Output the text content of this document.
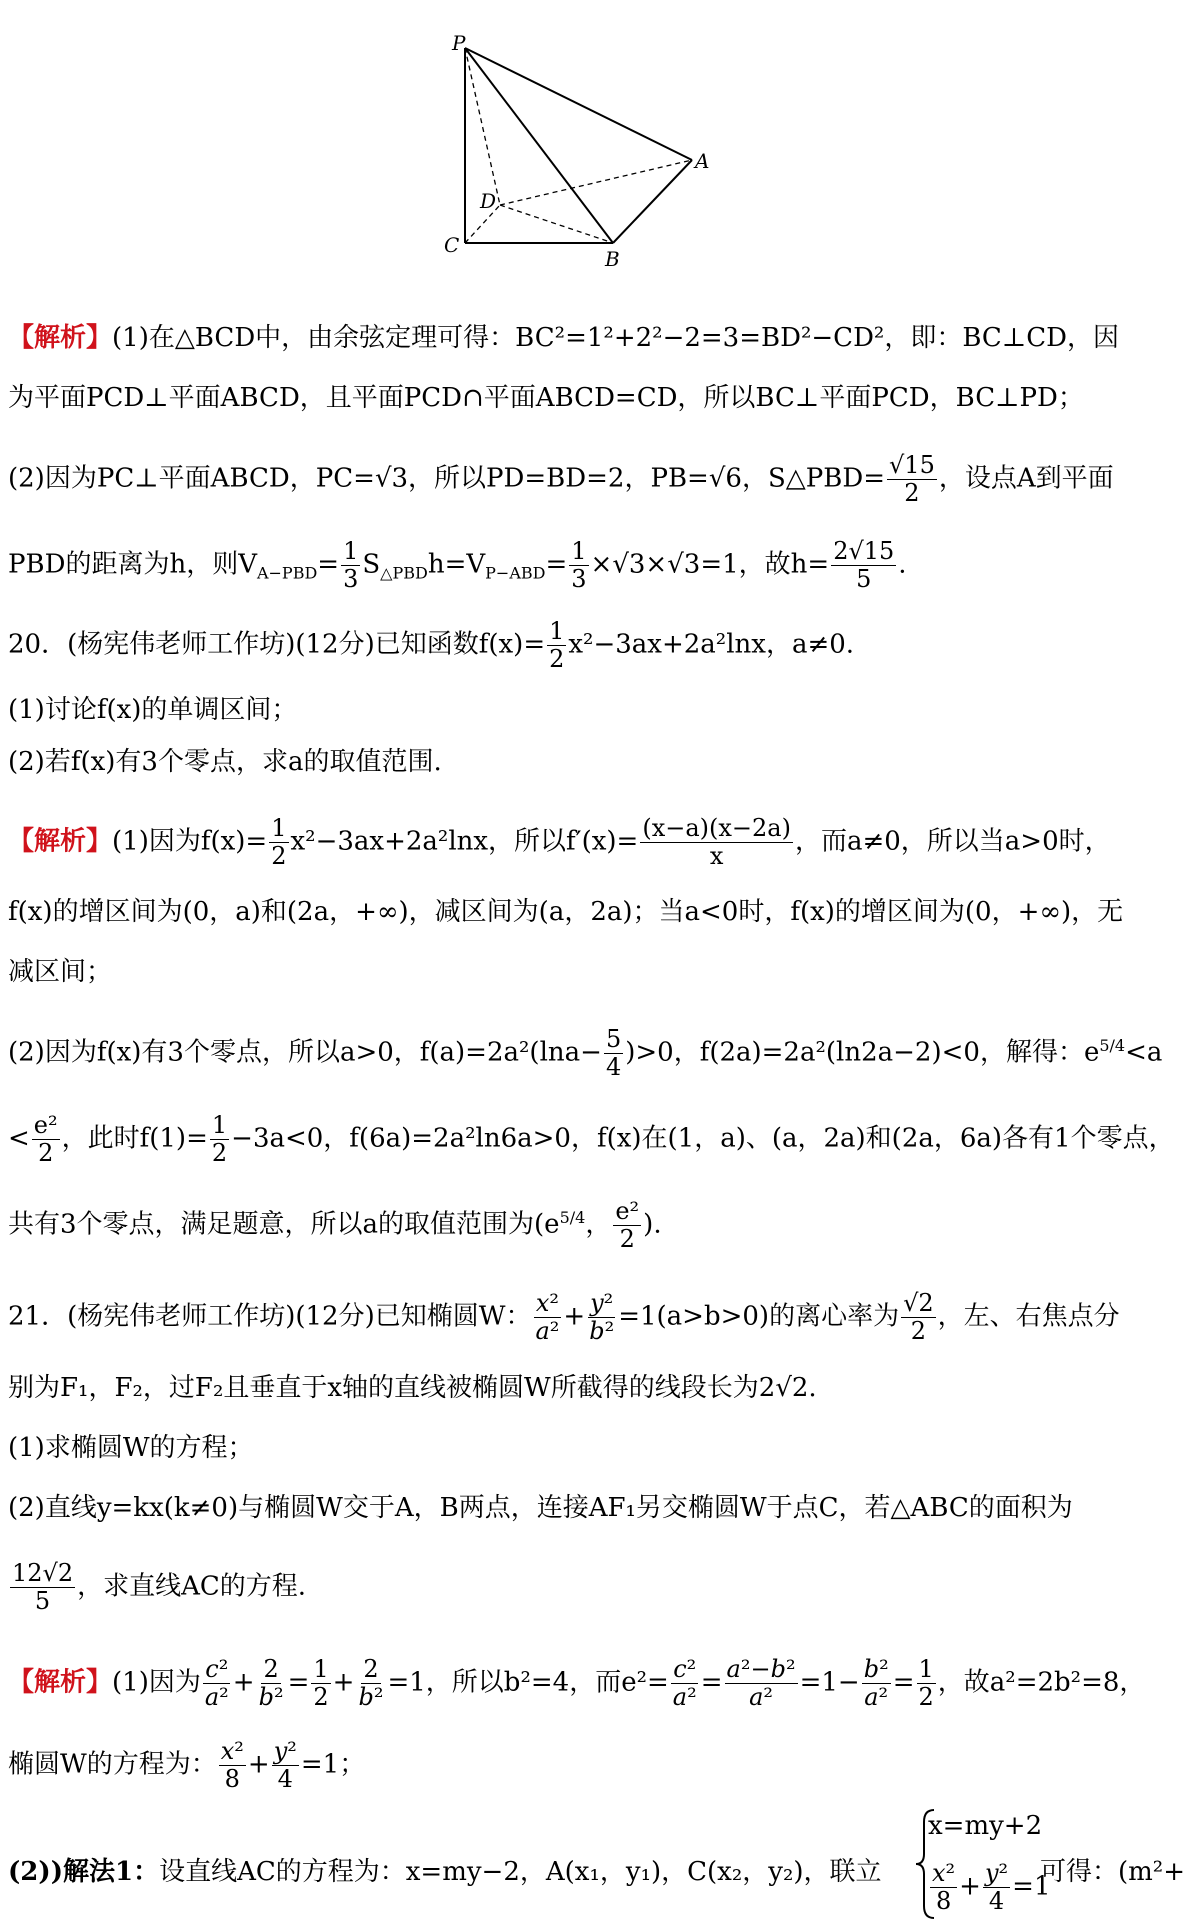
P
A
B
C
D
【解析】(1)在△BCD中，由余弦定理可得：BC²=1²+2²−2=3=BD²−CD²，即：BC⊥CD，因
为平面PCD⊥平面ABCD，且平面PCD∩平面ABCD=CD，所以BC⊥平面PCD，BC⊥PD；
(2)因为PC⊥平面ABCD，PC=√3，所以PD=BD=2，PB=√6，S△PBD= $\frac{√15}{2}$ ，设点A到平面
PBD的距离为h，则$V_{A-PBD}= \frac{1}{3} S_{\triangle PBD}h=V_{P-ABD}= \frac{1}{3} \times√3\times√3=1$，故$h= \frac{2√15}{5}$ .
20．(杨宪伟老师工作坊)(12分)已知函数$f(x)= \frac{1}{2} x^2-3ax+2a^2\ln x$，a≠0.
(1)讨论f(x)的单调区间；
(2)若f(x)有3个零点，求a的取值范围.
【解析】(1)因为$f(x)= \frac{1}{2} x^2-3ax+2a^2\ln x$，所以$f'(x)= \frac{(x-a)(x-2a)}{x}$ ，而a≠0，所以当a>0时，
f(x)的增区间为(0，a)和(2a，+∞)，减区间为(a，2a)；当a<0时，f(x)的增区间为(0，+∞)，无
减区间；
(2)因为f(x)有3个零点，所以a>0，$f(a)=2a^2(\ln a- \frac{5}{4} )>0$，f(2a)=2a²(ln2a−2)<0，解得：$e^{5/4}<a$
< $\frac{\text{e²}}{2}$ ，此时$f(1)= \frac{1}{2} -3a<0$，f(6a)=2a²ln6a>0，f(x)在(1，a)、(a，2a)和(2a，6a)各有1个零点，
共有3个零点，满足题意，所以a的取值范围为($e^{5/4}$， $\frac{\text{e²}}{2}$ ).
21．(杨宪伟老师工作坊)(12分)已知椭圆W： $\frac{\text{x²}}{\text{a²}} + \frac{\text{y²}}{\text{b²}} =1(a>b>0)$的离心率为 $\frac{√2}{2}$ ，左、右焦点分
别为F₁，F₂，过F₂且垂直于x轴的直线被椭圆W所截得的线段长为2√2.
(1)求椭圆W的方程；
(2)直线y=kx(k≠0)与椭圆W交于A，B两点，连接AF₁另交椭圆W于点C，若△ABC的面积为
$\frac{12√2}{5}$ ，求直线AC的方程.
【解析】(1)因为 $\frac{\text{c²}}{\text{a²}} + \frac{2}{\text{b²}} = \frac{1}{2} + \frac{2}{\text{b²}} =1$，所以b²=4，而$e^2= \frac{\text{c²}}{\text{a²}} = \frac{\text{a²−b²}}{\text{a²}} =1- \frac{\text{b²}}{\text{a²}} = \frac{1}{2}$ ，故a²=2b²=8，
椭圆W的方程为： $\frac{\text{x²}}{8} + \frac{\text{y²}}{4} =1$；
(2))解法1：设直线AC的方程为：x=my−2，A(x₁，y₁)，C(x₂，y₂)，联立
x=my+2
$\frac{\text{x²}}{8} + \frac{\text{y²}}{4} =1$
可得：(m²+
